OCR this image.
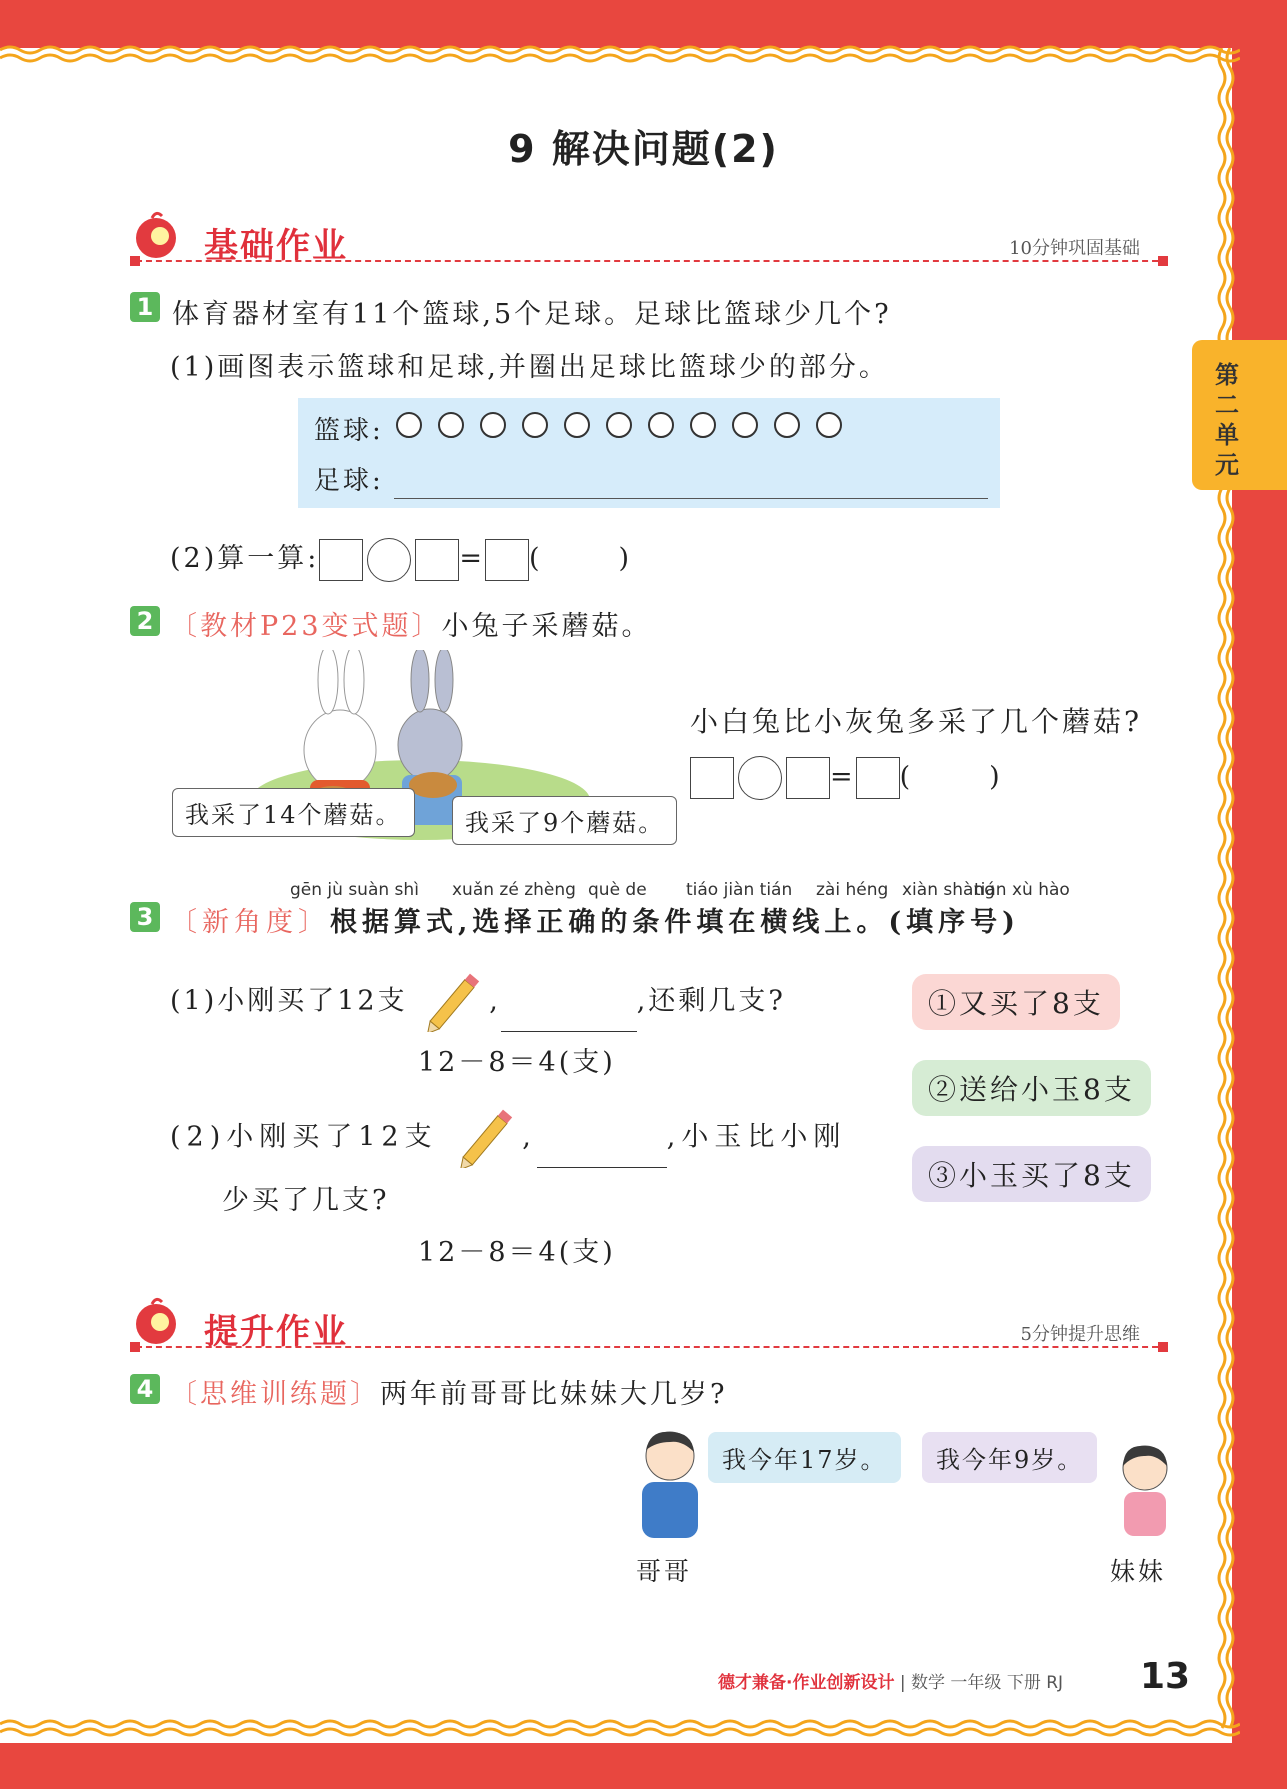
9 解决问题(2)
第二单元
基础作业	10分钟巩固基础
1 体育器材室有11个篮球,5个足球。足球比篮球少几个?
(1)画图表示篮球和足球,并圈出足球比篮球少的部分。
篮球:
足球:
(2)算一算:	= (	)
2 〔教材P23变式题〕小兔子采蘑菇。
我采了14个蘑菇。	我采了9个蘑菇。
小白兔比小灰兔多采了几个蘑菇?
= (	)
gēn jù suàn shì xuǎn zé zhèng què de tiáo jiàn tián zài héng xiàn shàng
tián xù hào
3 〔新角度〕根据算式,选择正确的条件填在横线上。(填序号)
(1)小刚买了12支	,	,还剩几支?
12－8＝4(支)
(2)小刚买了12支	,	,小玉比小刚
少买了几支?
12－8＝4(支)
①又买了8支
②送给小玉8支
③小玉买了8支
提升作业	5分钟提升思维
4 〔思维训练题〕两年前哥哥比妹妹大几岁?
我今年17岁。	我今年9岁。
哥哥	妹妹
德才兼备·作业创新设计 | 数学 一年级 下册 RJ 13
